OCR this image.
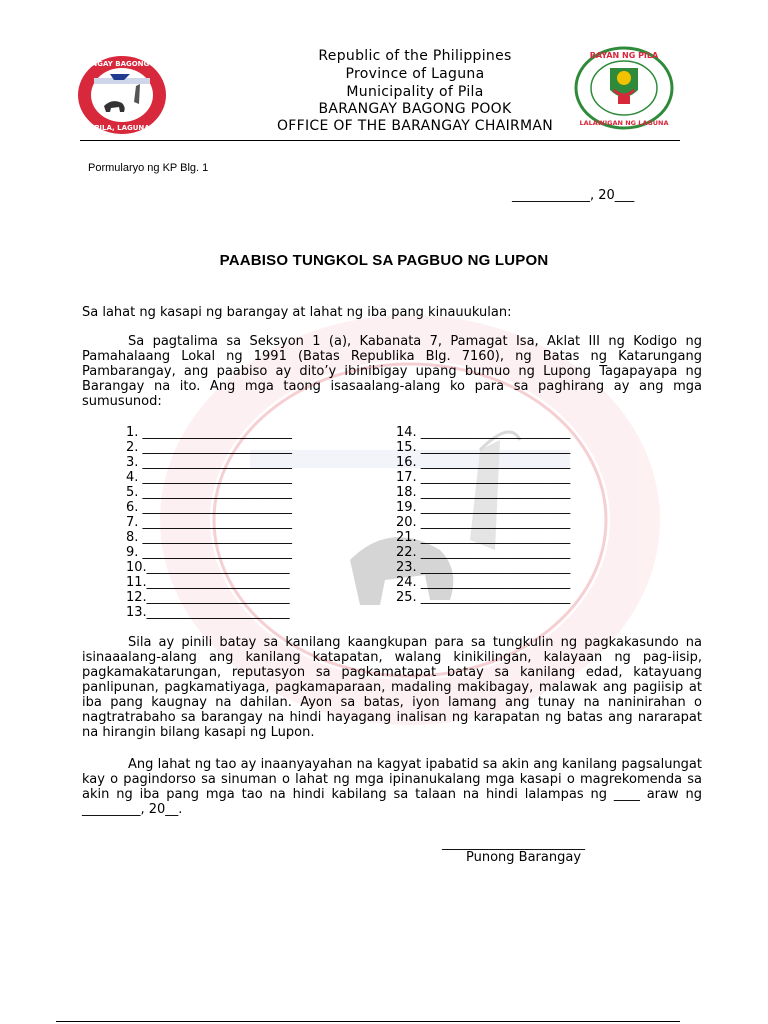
BARANGAY BAGONG POOK
PILA, LAGUNA
BAYAN NG PILA
LALAWIGAN NG LAGUNA
Republic of the Philippines
Province of Laguna
Municipality of Pila
BARANGAY BAGONG POOK
OFFICE OF THE BARANGAY CHAIRMAN
Pormularyo ng KP Blg. 1
____________, 20___
PAABISO TUNGKOL SA PAGBUO NG LUPON
Sa lahat ng kasapi ng barangay at lahat ng iba pang kinauukulan:
Sa pagtalima sa Seksyon 1 (a), Kabanata 7, Pamagat Isa, Aklat III ng Kodigo ng Pamahalaang Lokal ng 1991 (Batas Republika Blg. 7160), ng Batas ng Katarungang Pambarangay, ang paabiso ay dito’y ibinibigay upang bumuo ng Lupong Tagapayapa ng Barangay na ito. Ang mga taong isasaalang-alang ko para sa paghirang ay ang mga sumusunod:
1. _______________________
2. _______________________
3. _______________________
4. _______________________
5. _______________________
6. _______________________
7. _______________________
8. _______________________
9. _______________________
10.______________________
11.______________________
12.______________________
13.______________________
14. _______________________
15. _______________________
16. _______________________
17. _______________________
18. _______________________
19. _______________________
20. _______________________
21. _______________________
22. _______________________
23. _______________________
24. _______________________
25. _______________________
Sila ay pinili batay sa kanilang kaangkupan para sa tungkulin ng pagkakasundo na isinaaalang-alang ang kanilang katapatan, walang kinikilingan, kalayaan ng pag-iisip, pagkamakatarungan, reputasyon sa pagkamatapat batay sa kanilang edad, katayuang panlipunan, pagkamatiyaga, pagkamaparaan, madaling makibagay, malawak ang pagiisip at iba pang kaugnay na dahilan. Ayon sa batas, iyon lamang ang tunay na naninirahan o nagtratrabaho sa barangay na hindi hayagang inalisan ng karapatan ng batas ang nararapat na hirangin bilang kasapi ng Lupon.
Ang lahat ng tao ay inaanyayahan na kagyat ipabatid sa akin ang kanilang pagsalungat kay o pagindorso sa sinuman o lahat ng mga ipinanukalang mga kasapi o magrekomenda sa akin ng iba pang mga tao na hindi kabilang sa talaan na hindi lalampas ng ____ araw ng _________, 20__.
______________________
Punong Barangay
